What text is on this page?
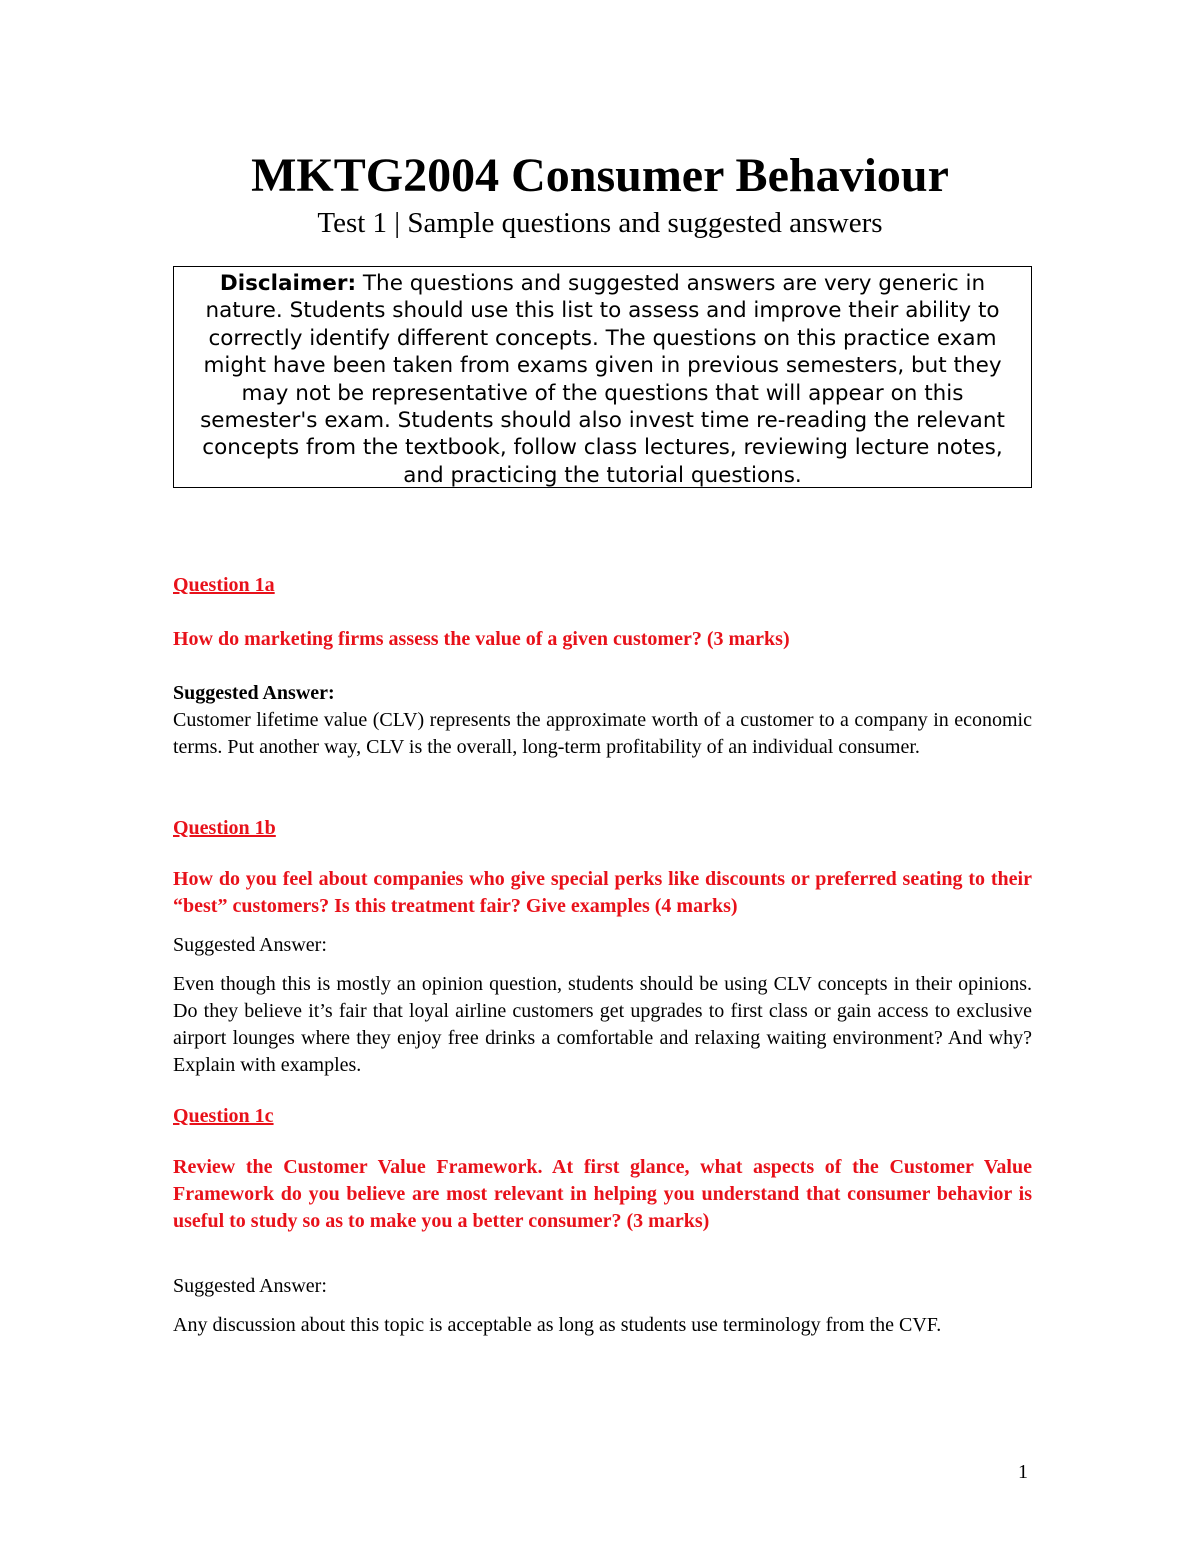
MKTG2004 Consumer Behaviour
Test 1 | Sample questions and suggested answers
Disclaimer: The questions and suggested answers are very generic in nature. Students should use this list to assess and improve their ability to correctly identify different concepts. The questions on this practice exam might have been taken from exams given in previous semesters, but they may not be representative of the questions that will appear on this semester's exam. Students should also invest time re-reading the relevant concepts from the textbook, follow class lectures, reviewing lecture notes, and practicing the tutorial questions.
Question 1a
How do marketing firms assess the value of a given customer? (3 marks)
Suggested Answer:
Customer lifetime value (CLV) represents the approximate worth of a customer to a company in economic terms. Put another way, CLV is the overall, long-term profitability of an individual consumer.
Question 1b
How do you feel about companies who give special perks like discounts or preferred seating to their “best” customers? Is this treatment fair? Give examples (4 marks)
Suggested Answer:
Even though this is mostly an opinion question, students should be using CLV concepts in their opinions. Do they believe it’s fair that loyal airline customers get upgrades to first class or gain access to exclusive airport lounges where they enjoy free drinks a comfortable and relaxing waiting environment? And why? Explain with examples.
Question 1c
Review the Customer Value Framework. At first glance, what aspects of the Customer Value Framework do you believe are most relevant in helping you understand that consumer behavior is useful to study so as to make you a better consumer? (3 marks)
Suggested Answer:
Any discussion about this topic is acceptable as long as students use terminology from the CVF.
1
